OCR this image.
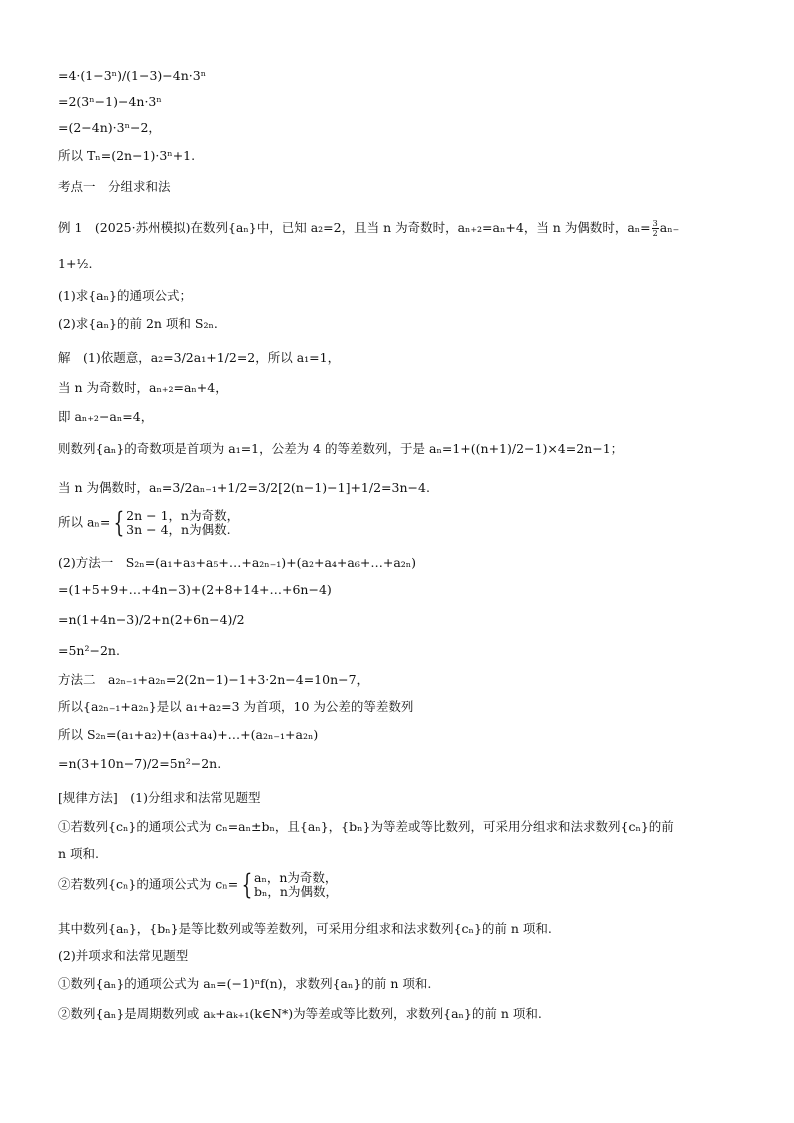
=4·(1−3ⁿ)/(1−3)−4n·3ⁿ
=2(3ⁿ−1)−4n·3ⁿ
=(2−4n)·3ⁿ−2，
所以 Tₙ=(2n−1)·3ⁿ+1.
考点一　分组求和法
例 1　(2025·苏州模拟)在数列{aₙ}中，已知 a₂=2，且当 n 为奇数时，aₙ₊₂=aₙ+4，当 n 为偶数时，$a_n= \frac{3}{2} a_{n-}$
1+½.
(1)求{aₙ}的通项公式；
(2)求{aₙ}的前 2n 项和 S₂ₙ.
解　(1)依题意，a₂=3/2a₁+1/2=2，所以 a₁=1，
当 n 为奇数时，aₙ₊₂=aₙ+4，
即 aₙ₊₂−aₙ=4，
则数列{aₙ}的奇数项是首项为 a₁=1，公差为 4 的等差数列，于是 aₙ=1+((n+1)/2−1)×4=2n−1；
当 n 为偶数时，aₙ=3/2aₙ₋₁+1/2=3/2[2(n−1)−1]+1/2=3n−4.
所以 aₙ= { 2n − 1，n为奇数，
3n − 4，n为偶数.
(2)方法一　S₂ₙ=(a₁+a₃+a₅+…+a₂ₙ₋₁)+(a₂+a₄+a₆+…+a₂ₙ)
=(1+5+9+…+4n−3)+(2+8+14+…+6n−4)
=n(1+4n−3)/2+n(2+6n−4)/2
=5n²−2n.
方法二　a₂ₙ₋₁+a₂ₙ=2(2n−1)−1+3·2n−4=10n−7，
所以{a₂ₙ₋₁+a₂ₙ}是以 a₁+a₂=3 为首项，10 为公差的等差数列
所以 S₂ₙ=(a₁+a₂)+(a₃+a₄)+…+(a₂ₙ₋₁+a₂ₙ)
=n(3+10n−7)/2=5n²−2n.
[规律方法]　(1)分组求和法常见题型
①若数列{cₙ}的通项公式为 cₙ=aₙ±bₙ，且{aₙ}，{bₙ}为等差或等比数列，可采用分组求和法求数列{cₙ}的前
n 项和.
②若数列{cₙ}的通项公式为 cₙ= { aₙ，n为奇数，
bₙ，n为偶数，
其中数列{aₙ}，{bₙ}是等比数列或等差数列，可采用分组求和法求数列{cₙ}的前 n 项和.
(2)并项求和法常见题型
①数列{aₙ}的通项公式为 aₙ=(−1)ⁿf(n)，求数列{aₙ}的前 n 项和.
②数列{aₙ}是周期数列或 aₖ+aₖ₊₁(k∈N*)为等差或等比数列，求数列{aₙ}的前 n 项和.
